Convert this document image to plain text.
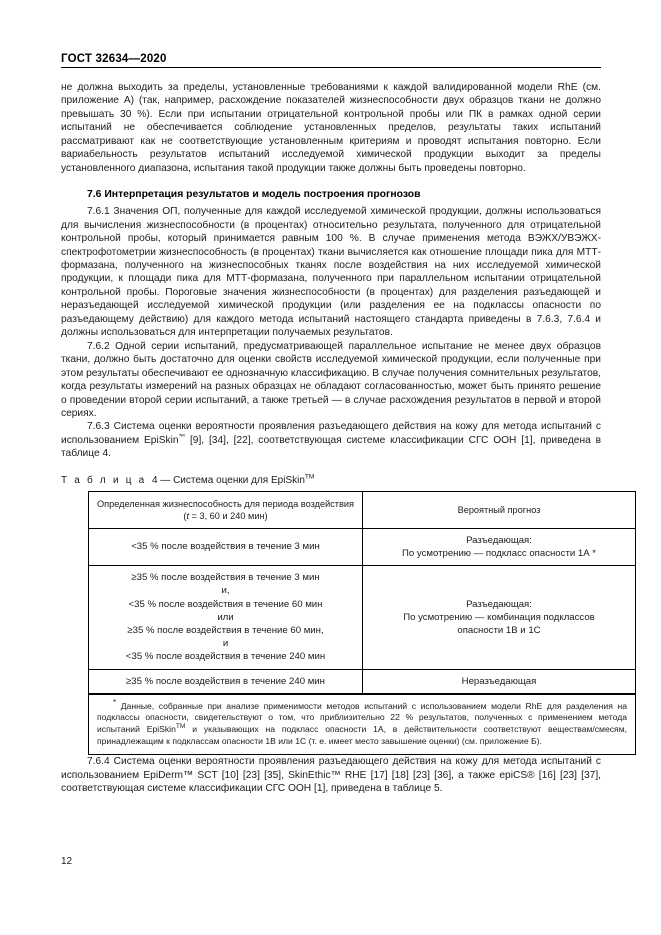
ГОСТ 32634—2020

не должна выходить за пределы, установленные требованиями к каждой валидированной модели RhE (см. приложение А) (так, например, расхождение показателей жизнеспособности двух образцов ткани не должно превышать 30 %). Если при испытании отрицательной контрольной пробы или ПК в рамках одной серии испытаний не обеспечивается соблюдение установленных пределов, результаты таких испытаний рассматривают как не соответствующие установленным критериям и проводят испытания повторно. Если вариабельность результатов испытаний исследуемой химической продукции выходит за пределы установленного диапазона, испытания такой продукции также должны быть проведены повторно.

7.6 Интерпретация результатов и модель построения прогнозов

7.6.1 Значения ОП, полученные для каждой исследуемой химической продукции, должны использоваться для вычисления жизнеспособности (в процентах) относительно результата, полученного для отрицательной контрольной пробы, который принимается равным 100 %. В случае применения метода ВЭЖХ/УВЭЖХ-спектрофотометрии жизнеспособность (в процентах) ткани вычисляется как отношение площади пика для МТТ-формазана, полученного на жизнеспособных тканях после воздействия на них исследуемой химической продукции, к площади пика для МТТ-формазана, полученного при параллельном испытании отрицательной контрольной пробы. Пороговые значения жизнеспособности (в процентах) для разделения разъедающей и неразъедающей исследуемой химической продукции (или разделения ее на подклассы опасности по разъедающему действию) для каждого метода испытаний настоящего стандарта приведены в 7.6.3, 7.6.4 и должны использоваться для интерпретации получаемых результатов.

7.6.2 Одной серии испытаний, предусматривающей параллельное испытание не менее двух образцов ткани, должно быть достаточно для оценки свойств исследуемой химической продукции, если полученные при этом результаты обеспечивают ее однозначную классификацию. В случае получения сомнительных результатов, когда результаты измерений на разных образцах не обладают согласованностью, может быть принято решение о проведении второй серии испытаний, а также третьей — в случае расхождения результатов в первой и второй сериях.

7.6.3 Система оценки вероятности проявления разъедающего действия на кожу для метода испытаний с использованием EpiSkin™ [9], [34], [22], соответствующая системе классификации СГС ООН [1], приведена в таблице 4.

Т а б л и ц а 4 — Система оценки для EpiSkin™
Определенная жизнеспособность для периода воздействия
(t = 3, 60 и 240 мин)	Вероятный прогноз
<35 % после воздействия в течение 3 мин	Разъедающая:
По усмотрению — подкласс опасности 1А *
≥35 % после воздействия в течение 3 мин
и,
<35 % после воздействия в течение 60 мин
или
≥35 % после воздействия в течение 60 мин,
и
<35 % после воздействия в течение 240 мин	Разъедающая:
По усмотрению — комбинация подклассов
опасности 1В и 1С
≥35 % после воздействия в течение 240 мин	Неразъедающая

* Данные, собранные при анализе применимости методов испытаний с использованием модели RhE для разделения на подклассы опасности, свидетельствуют о том, что приблизительно 22 % результатов, полученных с применением метода испытаний EpiSkin™ и указывающих на подкласс опасности 1А, в действительности соответствуют веществам/смесям, принадлежащим к подклассам опасности 1В или 1С (т. е. имеет место завышение оценки) (см. приложение Б).	

7.6.4 Система оценки вероятности проявления разъедающего действия на кожу для метода испытаний с использованием EpiDerm™ SCT [10] [23] [35], SkinEthic™ RHE [17] [18] [23] [36], а также epiCS® [16] [23] [37], соответствующая системе классификации СГС ООН [1], приведена в таблице 5.

12
